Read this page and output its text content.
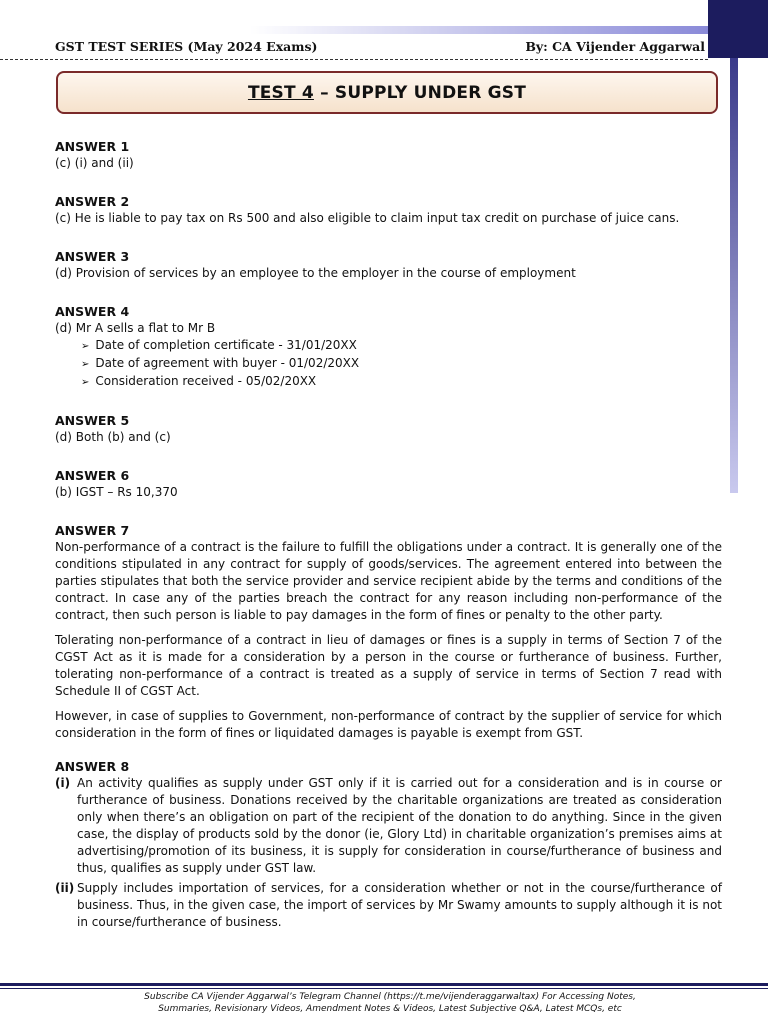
GST TEST SERIES (May 2024 Exams)	By: CA Vijender Aggarwal
TEST 4 – SUPPLY UNDER GST

ANSWER 1

(c) (i) and (ii)

ANSWER 2

(c) He is liable to pay tax on Rs 500 and also eligible to claim input tax credit on purchase of juice cans.

ANSWER 3

(d) Provision of services by an employee to the employer in the course of employment

ANSWER 4

(d) Mr A sells a flat to Mr B

➢ Date of completion certificate - 31/01/20XX
➢ Date of agreement with buyer - 01/02/20XX
➢ Consideration received - 05/02/20XX

ANSWER 5

(d) Both (b) and (c)

ANSWER 6

(b) IGST – Rs 10,370

ANSWER 7

Non-performance of a contract is the failure to fulfill the obligations under a contract. It is generally one of the conditions stipulated in any contract for supply of goods/services. The agreement entered into between the parties stipulates that both the service provider and service recipient abide by the terms and conditions of the contract. In case any of the parties breach the contract for any reason including non-performance of the contract, then such person is liable to pay damages in the form of fines or penalty to the other party.

Tolerating non-performance of a contract in lieu of damages or fines is a supply in terms of Section 7 of the CGST Act as it is made for a consideration by a person in the course or furtherance of business. Further, tolerating non-performance of a contract is treated as a supply of service in terms of Section 7 read with Schedule II of CGST Act.

However, in case of supplies to Government, non-performance of contract by the supplier of service for which consideration in the form of fines or liquidated damages is payable is exempt from GST.

ANSWER 8

(i) An activity qualifies as supply under GST only if it is carried out for a consideration and is in course or furtherance of business. Donations received by the charitable organizations are treated as consideration only when there’s an obligation on part of the recipient of the donation to do anything. Since in the given case, the display of products sold by the donor (ie, Glory Ltd) in charitable organization’s premises aims at advertising/promotion of its business, it is supply for consideration in course/furtherance of business and thus, qualifies as supply under GST law.
(ii) Supply includes importation of services, for a consideration whether or not in the course/furtherance of business. Thus, in the given case, the import of services by Mr Swamy amounts to supply although it is not in course/furtherance of business.
Subscribe CA Vijender Aggarwal’s Telegram Channel (https://t.me/vijenderaggarwaltax) For Accessing Notes,
Summaries, Revisionary Videos, Amendment Notes & Videos, Latest Subjective Q&A, Latest MCQs, etc
